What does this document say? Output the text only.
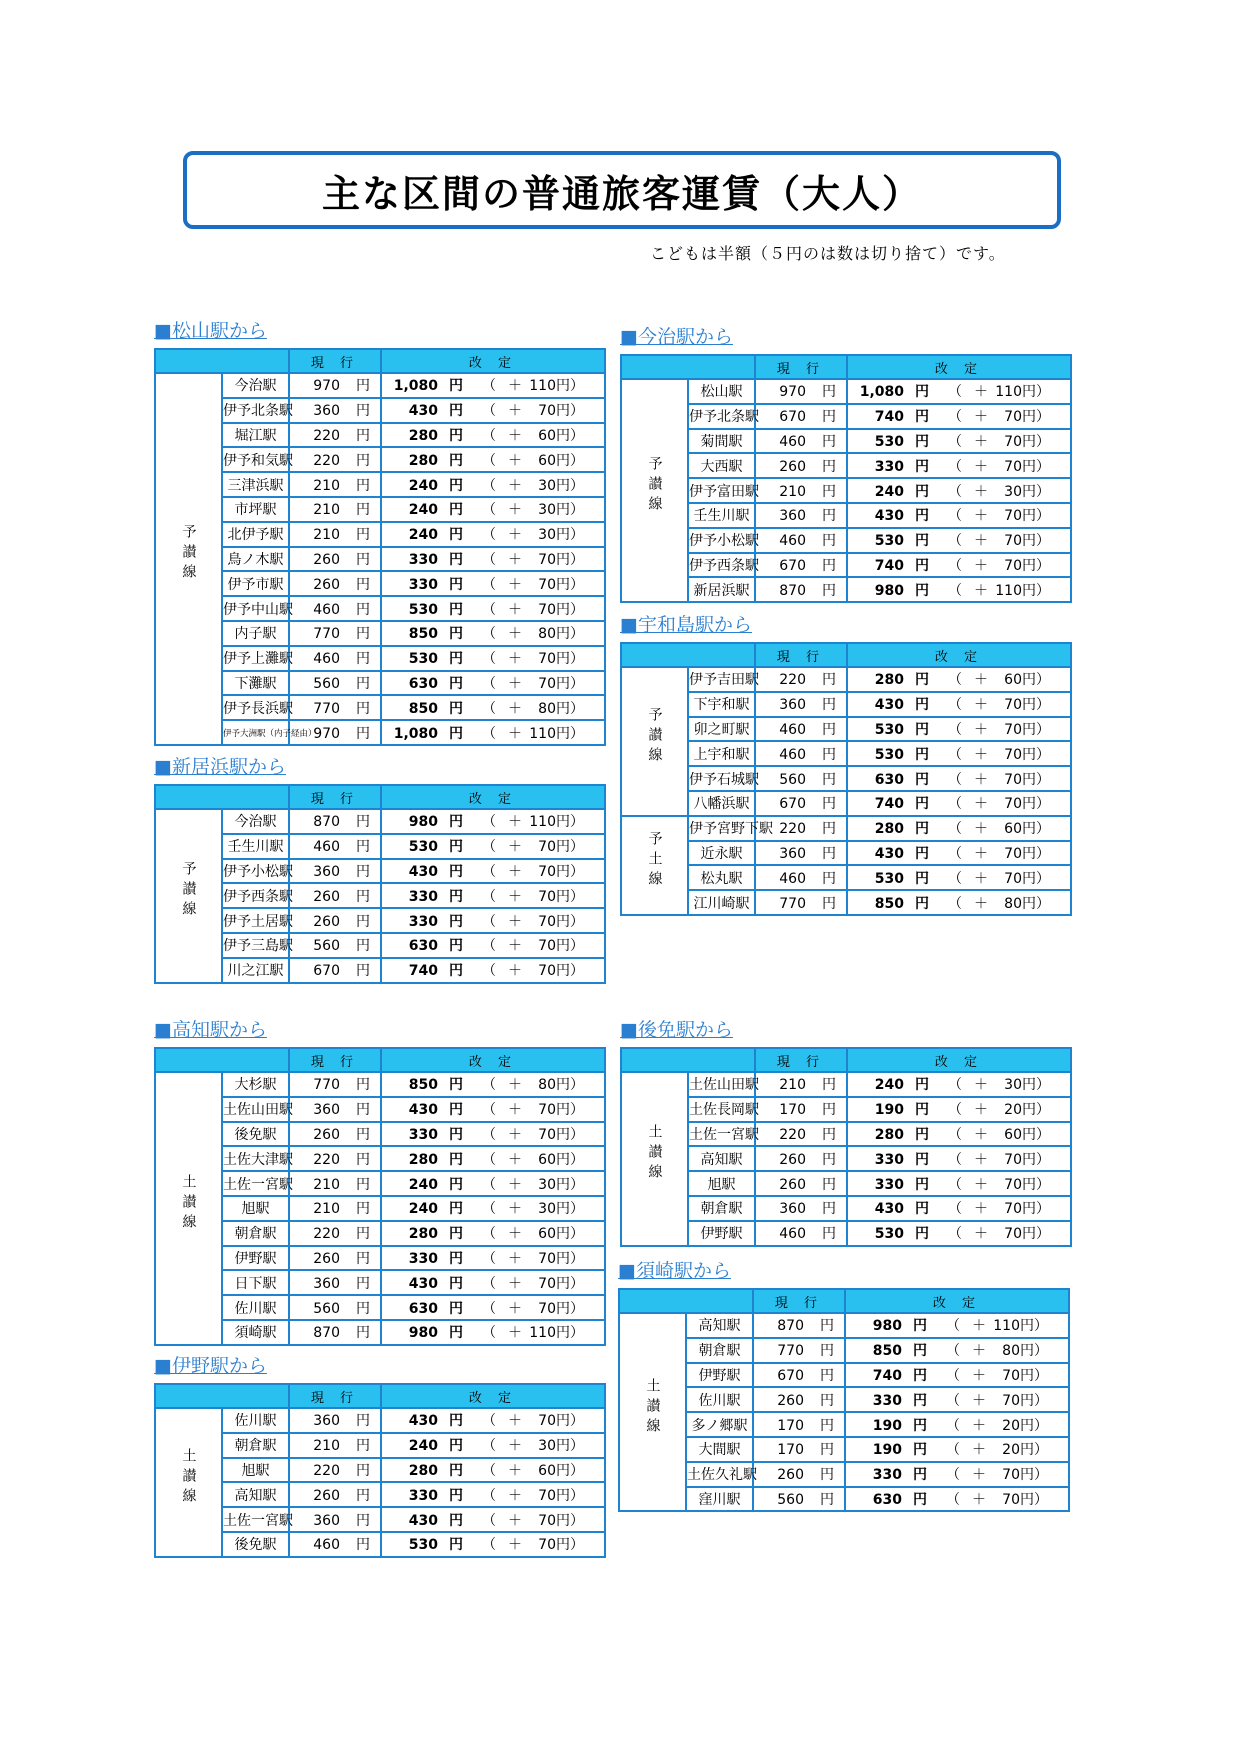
主な区間の普通旅客運賃（大人）
こどもは半額（５円のは数は切り捨て）です。
■松山駅から
		現 行	改 定
予讃線	今治駅	970 円	1,080 円 （ ＋ 110円）
	伊予北条駅	360 円	430 円 （ ＋ 70円）
	堀江駅	220 円	280 円 （ ＋ 60円）
	伊予和気駅	220 円	280 円 （ ＋ 60円）
	三津浜駅	210 円	240 円 （ ＋ 30円）
	市坪駅	210 円	240 円 （ ＋ 30円）
	北伊予駅	210 円	240 円 （ ＋ 30円）
	鳥ノ木駅	260 円	330 円 （ ＋ 70円）
	伊予市駅	260 円	330 円 （ ＋ 70円）
	伊予中山駅	460 円	530 円 （ ＋ 70円）
	内子駅	770 円	850 円 （ ＋ 80円）
	伊予上灘駅	460 円	530 円 （ ＋ 70円）
	下灘駅	560 円	630 円 （ ＋ 70円）
	伊予長浜駅	770 円	850 円 （ ＋ 80円）
	伊予大洲駅（内子経由）	970 円	1,080 円 （ ＋ 110円）
■新居浜駅から
		現 行	改 定
予讃線	今治駅	870 円	980 円 （ ＋ 110円）
	壬生川駅	460 円	530 円 （ ＋ 70円）
	伊予小松駅	360 円	430 円 （ ＋ 70円）
	伊予西条駅	260 円	330 円 （ ＋ 70円）
	伊予土居駅	260 円	330 円 （ ＋ 70円）
	伊予三島駅	560 円	630 円 （ ＋ 70円）
	川之江駅	670 円	740 円 （ ＋ 70円）
■今治駅から
		現 行	改 定
予讃線	松山駅	970 円	1,080 円 （ ＋ 110円）
	伊予北条駅	670 円	740 円 （ ＋ 70円）
	菊間駅	460 円	530 円 （ ＋ 70円）
	大西駅	260 円	330 円 （ ＋ 70円）
	伊予富田駅	210 円	240 円 （ ＋ 30円）
	壬生川駅	360 円	430 円 （ ＋ 70円）
	伊予小松駅	460 円	530 円 （ ＋ 70円）
	伊予西条駅	670 円	740 円 （ ＋ 70円）
	新居浜駅	870 円	980 円 （ ＋ 110円）
■宇和島駅から
		現 行	改 定
予讃線	伊予吉田駅	220 円	280 円 （ ＋ 60円）
	下宇和駅	360 円	430 円 （ ＋ 70円）
	卯之町駅	460 円	530 円 （ ＋ 70円）
	上宇和駅	460 円	530 円 （ ＋ 70円）
	伊予石城駅	560 円	630 円 （ ＋ 70円）
	八幡浜駅	670 円	740 円 （ ＋ 70円）
予土線	伊予宮野下駅	220 円	280 円 （ ＋ 60円）
	近永駅	360 円	430 円 （ ＋ 70円）
	松丸駅	460 円	530 円 （ ＋ 70円）
	江川崎駅	770 円	850 円 （ ＋ 80円）
■高知駅から
		現 行	改 定
土讃線	大杉駅	770 円	850 円 （ ＋ 80円）
	土佐山田駅	360 円	430 円 （ ＋ 70円）
	後免駅	260 円	330 円 （ ＋ 70円）
	土佐大津駅	220 円	280 円 （ ＋ 60円）
	土佐一宮駅	210 円	240 円 （ ＋ 30円）
	旭駅	210 円	240 円 （ ＋ 30円）
	朝倉駅	220 円	280 円 （ ＋ 60円）
	伊野駅	260 円	330 円 （ ＋ 70円）
	日下駅	360 円	430 円 （ ＋ 70円）
	佐川駅	560 円	630 円 （ ＋ 70円）
	須崎駅	870 円	980 円 （ ＋ 110円）
■伊野駅から
		現 行	改 定
土讃線	佐川駅	360 円	430 円 （ ＋ 70円）
	朝倉駅	210 円	240 円 （ ＋ 30円）
	旭駅	220 円	280 円 （ ＋ 60円）
	高知駅	260 円	330 円 （ ＋ 70円）
	土佐一宮駅	360 円	430 円 （ ＋ 70円）
	後免駅	460 円	530 円 （ ＋ 70円）
■後免駅から
		現 行	改 定
土讃線	土佐山田駅	210 円	240 円 （ ＋ 30円）
	土佐長岡駅	170 円	190 円 （ ＋ 20円）
	土佐一宮駅	220 円	280 円 （ ＋ 60円）
	高知駅	260 円	330 円 （ ＋ 70円）
	旭駅	260 円	330 円 （ ＋ 70円）
	朝倉駅	360 円	430 円 （ ＋ 70円）
	伊野駅	460 円	530 円 （ ＋ 70円）
■須崎駅から
		現 行	改 定
土讃線	高知駅	870 円	980 円 （ ＋ 110円）
	朝倉駅	770 円	850 円 （ ＋ 80円）
	伊野駅	670 円	740 円 （ ＋ 70円）
	佐川駅	260 円	330 円 （ ＋ 70円）
	多ノ郷駅	170 円	190 円 （ ＋ 20円）
	大間駅	170 円	190 円 （ ＋ 20円）
	土佐久礼駅	260 円	330 円 （ ＋ 70円）
	窪川駅	560 円	630 円 （ ＋ 70円）
